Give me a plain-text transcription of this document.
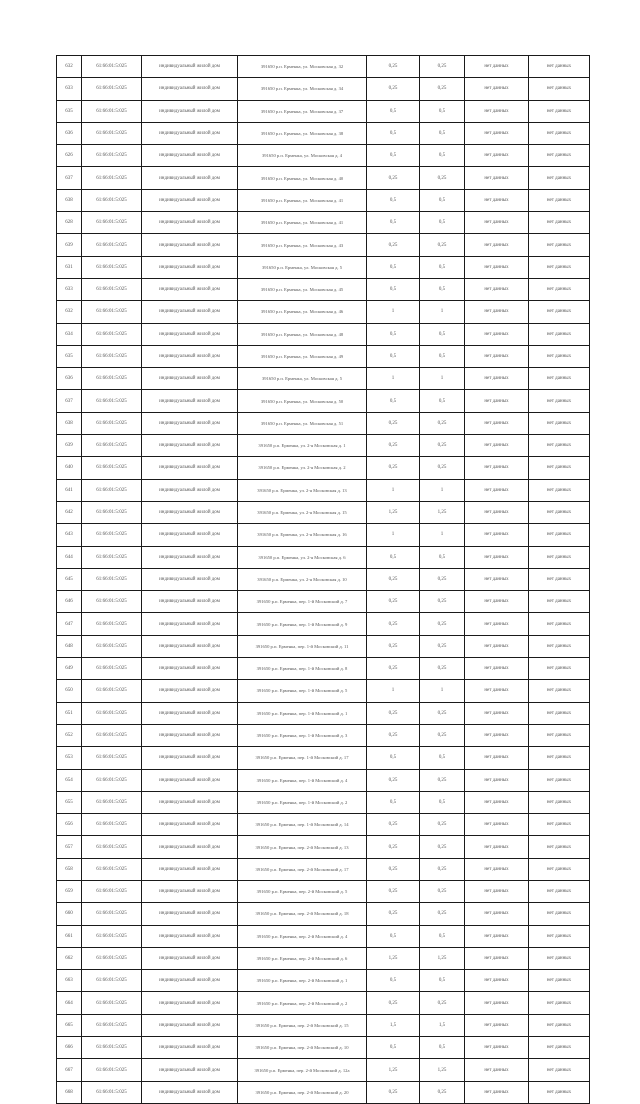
632	61:66:01:5:025	индивидуальный жилой дом	391650 р.п. Ерменка, ул. Московская д. 32	0,25	0,25	нет данных	нет данных
633	61:66:01:5:025	индивидуальный жилой дом	391650 р.п. Ерменка, ул. Московская д. 34	0,25	0,25	нет данных	нет данных
635	61:66:01:5:025	индивидуальный жилой дом	391650 р.п. Ерменка, ул. Московская д. 37	0,5	0,5	нет данных	нет данных
636	61:66:01:5:025	индивидуальный жилой дом	391650 р.п. Ерменка, ул. Московская д. 38	0,5	0,5	нет данных	нет данных
626	61:66:01:5:025	индивидуальный жилой дом	391650 р.п. Ерменка, ул. Московская д. 4	0,5	0,5	нет данных	нет данных
637	61:66:01:5:025	индивидуальный жилой дом	391650 р.п. Ерменка, ул. Московская д. 40	0,25	0,25	нет данных	нет данных
638	61:66:01:5:025	индивидуальный жилой дом	391650 р.п. Ерменка, ул. Московская д. 41	0,5	0,5	нет данных	нет данных
628	61:66:01:5:025	индивидуальный жилой дом	391650 р.п. Ерменка, ул. Московская д. 41	0,5	0,5	нет данных	нет данных
639	61:66:01:5:025	индивидуальный жилой дом	391650 р.п. Ерменка, ул. Московская д. 43	0,25	0,25	нет данных	нет данных
631	61:66:01:5:025	индивидуальный жилой дом	391650 р.п. Ерменка, ул. Московская д. 5	0,5	0,5	нет данных	нет данных
633	61:66:01:5:025	индивидуальный жилой дом	391650 р.п. Ерменка, ул. Московская д. 45	0,5	0,5	нет данных	нет данных
632	61:66:01:5:025	индивидуальный жилой дом	391650 р.п. Ерменка, ул. Московская д. 46	1	1	нет данных	нет данных
634	61:66:01:5:025	индивидуальный жилой дом	391650 р.п. Ерменка, ул. Московская д. 48	0,5	0,5	нет данных	нет данных
635	61:66:01:5:025	индивидуальный жилой дом	391650 р.п. Ерменка, ул. Московская д. 49	0,5	0,5	нет данных	нет данных
636	61:66:01:5:025	индивидуальный жилой дом	391650 р.п. Ерменка, ул. Московская д. 5	1	1	нет данных	нет данных
637	61:66:01:5:025	индивидуальный жилой дом	391650 р.п. Ерменка, ул. Московская д. 50	0,5	0,5	нет данных	нет данных
638	61:66:01:5:025	индивидуальный жилой дом	391650 р.п. Ерменка, ул. Московская д. 51	0,25	0,25	нет данных	нет данных
639	61:66:01:5:025	индивидуальный жилой дом	391650 р.п. Ерменка, ул. 2-я Московская д. 1	0,25	0,25	нет данных	нет данных
640	61:66:01:5:025	индивидуальный жилой дом	391650 р.п. Ерменка, ул. 2-я Московская д. 2	0,25	0,25	нет данных	нет данных
641	61:66:01:5:025	индивидуальный жилой дом	391650 р.п. Ерменка, ул. 2-я Московская д. 13	1	1	нет данных	нет данных
642	61:66:01:5:025	индивидуальный жилой дом	391650 р.п. Ерменка, ул. 2-я Московская д. 15	1,25	1,25	нет данных	нет данных
643	61:66:01:5:025	индивидуальный жилой дом	391650 р.п. Ерменка, ул. 2-я Московская д. 16	1	1	нет данных	нет данных
644	61:66:01:5:025	индивидуальный жилой дом	391650 р.п. Ерменка, ул. 2-я Московская д. 6	0,5	0,5	нет данных	нет данных
645	61:66:01:5:025	индивидуальный жилой дом	391650 р.п. Ерменка, ул. 2-я Московская д. 10	0,25	0,25	нет данных	нет данных
646	61:66:01:5:025	индивидуальный жилой дом	391650 р.п. Ерменка, пер. 1-й Московский д. 7	0,25	0,25	нет данных	нет данных
647	61:66:01:5:025	индивидуальный жилой дом	391650 р.п. Ерменка, пер. 1-й Московский д. 9	0,25	0,25	нет данных	нет данных
648	61:66:01:5:025	индивидуальный жилой дом	391650 р.п. Ерменка, пер. 1-й Московский д. 11	0,25	0,25	нет данных	нет данных
649	61:66:01:5:025	индивидуальный жилой дом	391650 р.п. Ерменка, пер. 1-й Московский д. 8	0,25	0,25	нет данных	нет данных
650	61:66:01:5:025	индивидуальный жилой дом	391650 р.п. Ерменка, пер. 1-й Московский д. 5	1	1	нет данных	нет данных
651	61:66:01:5:025	индивидуальный жилой дом	391650 р.п. Ерменка, пер. 1-й Московский д. 1	0,25	0,25	нет данных	нет данных
652	61:66:01:5:025	индивидуальный жилой дом	391650 р.п. Ерменка, пер. 1-й Московский д. 3	0,25	0,25	нет данных	нет данных
653	61:66:01:5:025	индивидуальный жилой дом	391650 р.п. Ерменка, пер. 1-й Московский д. 17	0,5	0,5	нет данных	нет данных
654	61:66:01:5:025	индивидуальный жилой дом	391650 р.п. Ерменка, пер. 1-й Московский д. 4	0,25	0,25	нет данных	нет данных
655	61:66:01:5:025	индивидуальный жилой дом	391650 р.п. Ерменка, пер. 1-й Московский д. 2	0,5	0,5	нет данных	нет данных
656	61:66:01:5:025	индивидуальный жилой дом	391650 р.п. Ерменка, пер. 1-й Московский д. 14	0,25	0,25	нет данных	нет данных
657	61:66:01:5:025	индивидуальный жилой дом	391650 р.п. Ерменка, пер. 2-й Московский д. 13	0,25	0,25	нет данных	нет данных
658	61:66:01:5:025	индивидуальный жилой дом	391650 р.п. Ерменка, пер. 2-й Московский д. 17	0,25	0,25	нет данных	нет данных
659	61:66:01:5:025	индивидуальный жилой дом	391650 р.п. Ерменка, пер. 2-й Московский д. 5	0,25	0,25	нет данных	нет данных
660	61:66:01:5:025	индивидуальный жилой дом	391650 р.п. Ерменка, пер. 2-й Московский д. 18	0,25	0,25	нет данных	нет данных
661	61:66:01:5:025	индивидуальный жилой дом	391650 р.п. Ерменка, пер. 2-й Московский д. 4	0,5	0,5	нет данных	нет данных
662	61:66:01:5:025	индивидуальный жилой дом	391650 р.п. Ерменка, пер. 2-й Московский д. 6	1,25	1,25	нет данных	нет данных
663	61:66:01:5:025	индивидуальный жилой дом	391650 р.п. Ерменка, пер. 2-й Московский д. 1	0,5	0,5	нет данных	нет данных
664	61:66:01:5:025	индивидуальный жилой дом	391650 р.п. Ерменка, пер. 2-й Московский д. 2	0,25	0,25	нет данных	нет данных
665	61:66:01:5:025	индивидуальный жилой дом	391650 р.п. Ерменка, пер. 2-й Московский д. 15	1,5	1,5	нет данных	нет данных
666	61:66:01:5:025	индивидуальный жилой дом	391650 р.п. Ерменка, пер. 2-й Московский д. 10	0,5	0,5	нет данных	нет данных
667	61:66:01:5:025	индивидуальный жилой дом	391650 р.п. Ерменка, пер. 2-й Московский д. 12а	1,25	1,25	нет данных	нет данных
668	61:66:01:5:025	индивидуальный жилой дом	391650 р.п. Ерменка, пер. 2-й Московский д. 20	0,25	0,25	нет данных	нет данных
